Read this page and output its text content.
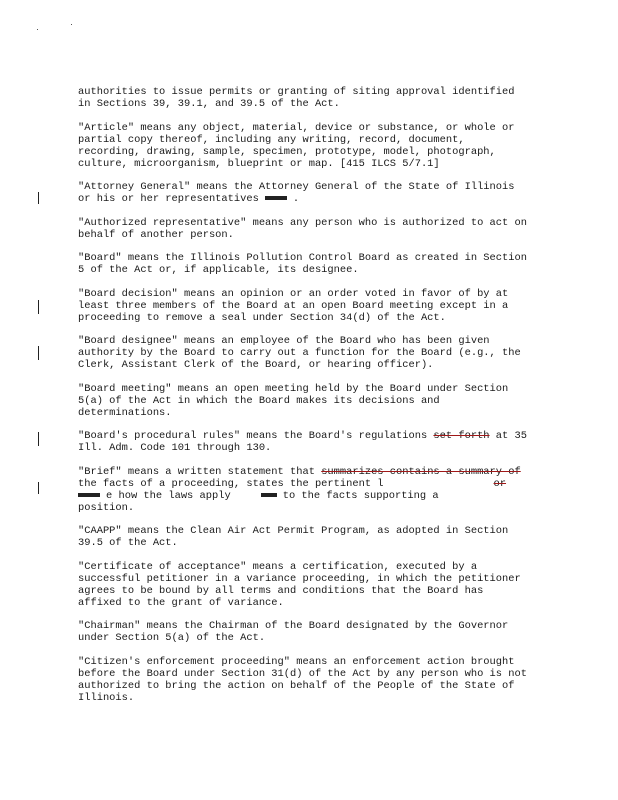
authorities to issue permits or granting of siting approval identified
in Sections 39, 39.1, and 39.5 of the Act.

"Article" means any object, material, device or substance, or whole or
partial copy thereof, including any writing, record, document,
recording, drawing, sample, specimen, prototype, model, photograph,
culture, microorganism, blueprint or map. [415 ILCS 5/7.1]

"Attorney General" means the Attorney General of the State of Illinois
or his or her representatives	.

"Authorized representative" means any person who is authorized to act on
behalf of another person.

"Board" means the Illinois Pollution Control Board as created in Section
5 of the Act or, if applicable, its designee.

"Board decision" means an opinion or an order voted in favor of by at
least three members of the Board at an open Board meeting except in a
proceeding to remove a seal under Section 34(d) of the Act.

"Board designee" means an employee of the Board who has been given
authority by the Board to carry out a function for the Board (e.g., the
Clerk, Assistant Clerk of the Board, or hearing officer).

"Board meeting" means an open meeting held by the Board under Section
5(a) of the Act in which the Board makes its decisions and
determinations.

"Board's procedural rules" means the Board's regulations set forth at 35
Ill. Adm. Code 101 through 130.

"Brief" means a written statement that summarizes contains a summary of
the facts of a proceeding, states the pertinent l	or
e how the laws apply	to the facts supporting a
position.

"CAAPP" means the Clean Air Act Permit Program, as adopted in Section
39.5 of the Act.

"Certificate of acceptance" means a certification, executed by a
successful petitioner in a variance proceeding, in which the petitioner
agrees to be bound by all terms and conditions that the Board has
affixed to the grant of variance.

"Chairman" means the Chairman of the Board designated by the Governor
under Section 5(a) of the Act.

"Citizen's enforcement proceeding" means an enforcement action brought
before the Board under Section 31(d) of the Act by any person who is not
authorized to bring the action on behalf of the People of the State of
Illinois.
